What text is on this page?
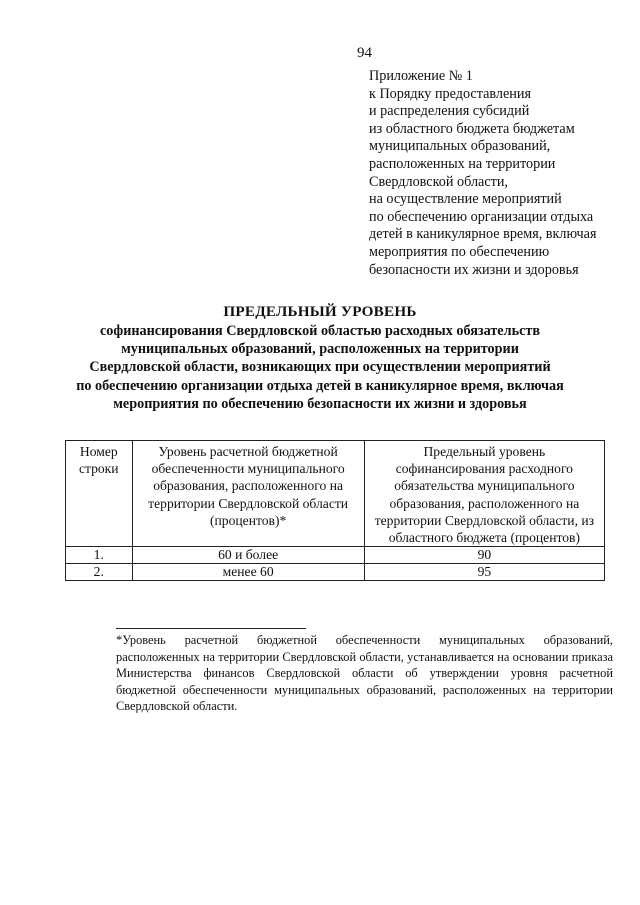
94
Приложение № 1
к Порядку предоставления
и распределения субсидий
из областного бюджета бюджетам
муниципальных образований,
расположенных на территории
Свердловской области,
на осуществление мероприятий
по обеспечению организации отдыха
детей в каникулярное время, включая
мероприятия по обеспечению
безопасности их жизни и здоровья
ПРЕДЕЛЬНЫЙ УРОВЕНЬ
софинансирования Свердловской областью расходных обязательств
муниципальных образований, расположенных на территории
Свердловской области, возникающих при осуществлении мероприятий
по обеспечению организации отдыха детей в каникулярное время, включая
мероприятия по обеспечению безопасности их жизни и здоровья
Номер строки	Уровень расчетной бюджетной обеспеченности муниципального образования, расположенного на территории Свердловской области (процентов)*	Предельный уровень софинансирования расходного обязательства муниципального образования, расположенного на территории Свердловской области, из областного бюджета (процентов)
1.	60 и более	90
2.	менее 60	95
*Уровень расчетной бюджетной обеспеченности муниципальных образований, расположенных на территории Свердловской области, устанавливается на основании приказа Министерства финансов Свердловской области об утверждении уровня расчетной бюджетной обеспеченности муниципальных образований, расположенных на территории Свердловской области.
